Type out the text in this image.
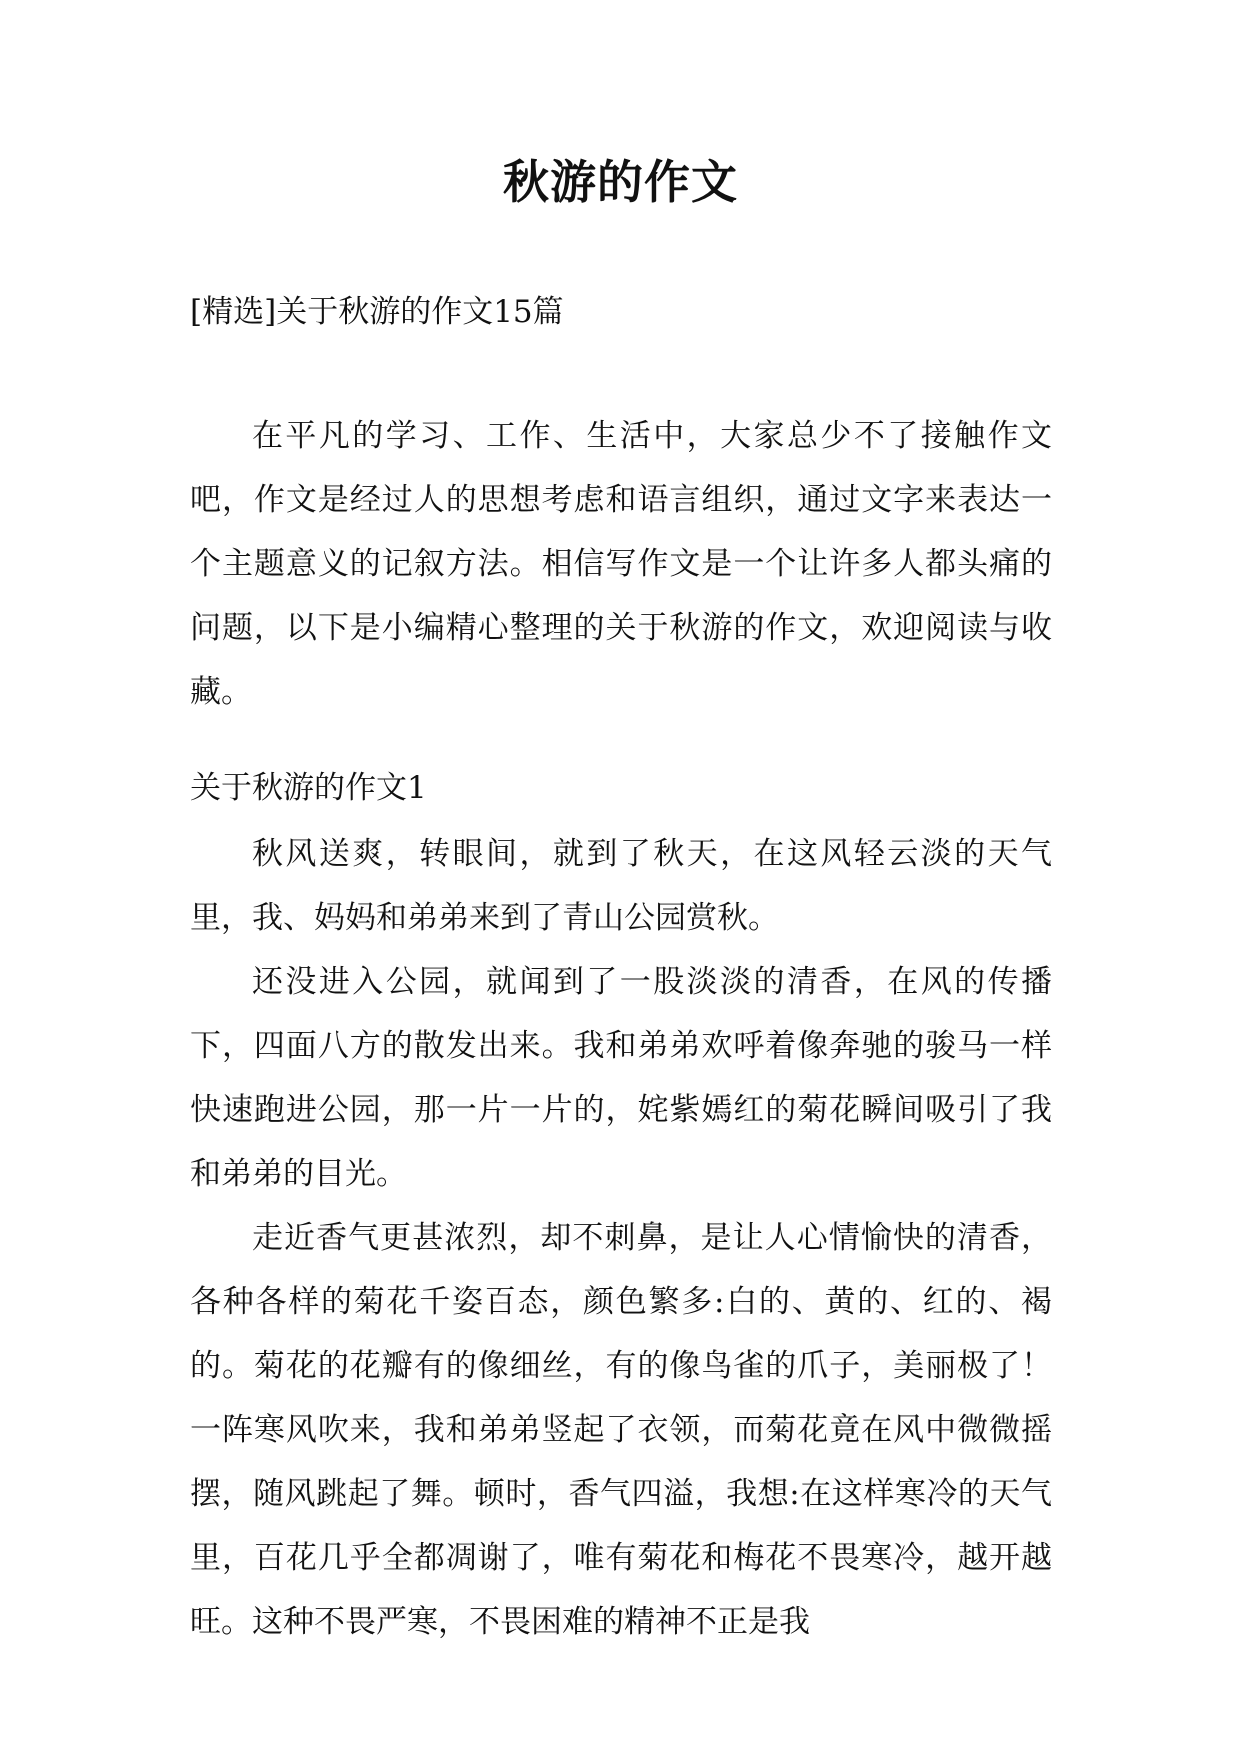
秋游的作文
[精选]关于秋游的作文15篇

在平凡的学习、工作、生活中，大家总少不了接触作文吧，作文是经过人的思想考虑和语言组织，通过文字来表达一个主题意义的记叙方法。相信写作文是一个让许多人都头痛的问题，以下是小编精心整理的关于秋游的作文，欢迎阅读与收藏。

关于秋游的作文1

秋风送爽，转眼间，就到了秋天，在这风轻云淡的天气里，我、妈妈和弟弟来到了青山公园赏秋。

还没进入公园，就闻到了一股淡淡的清香，在风的传播下，四面八方的散发出来。我和弟弟欢呼着像奔驰的骏马一样快速跑进公园，那一片一片的，姹紫嫣红的菊花瞬间吸引了我和弟弟的目光。

走近香气更甚浓烈，却不刺鼻，是让人心情愉快的清香，各种各样的菊花千姿百态，颜色繁多:白的、黄的、红的、褐的。菊花的花瓣有的像细丝，有的像鸟雀的爪子，美丽极了！一阵寒风吹来，我和弟弟竖起了衣领，而菊花竟在风中微微摇摆，随风跳起了舞。顿时，香气四溢，我想:在这样寒冷的天气里，百花几乎全都凋谢了，唯有菊花和梅花不畏寒冷，越开越旺。这种不畏严寒，不畏困难的精神不正是我
